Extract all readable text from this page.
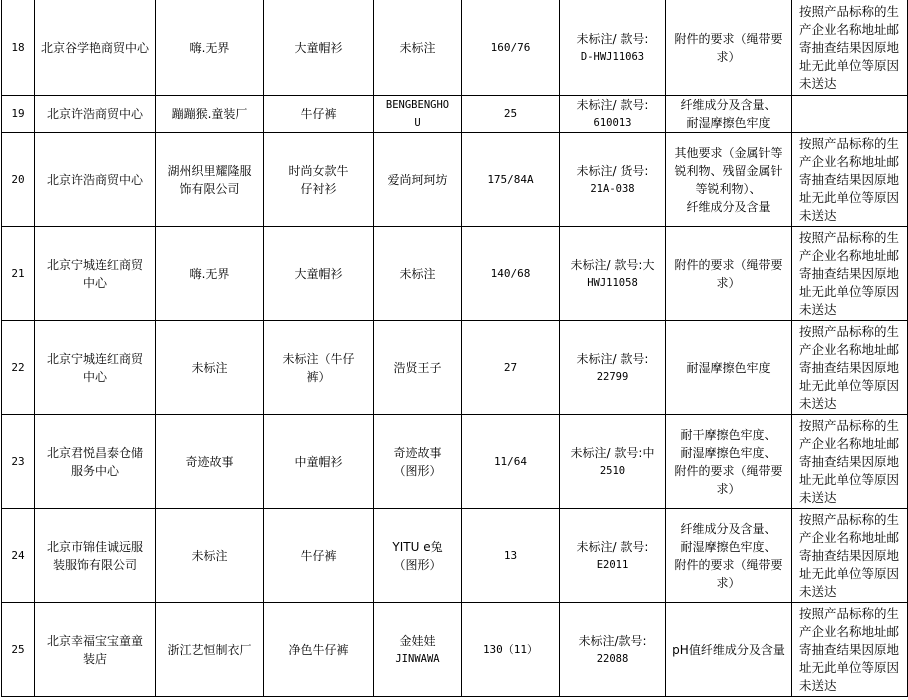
18	北京谷学艳商贸中心	嗨.无界	大童帽衫	未标注	160/76	未标注/ 款号:
D-HWJ11063	附件的要求（绳带要
求）	按照产品标称的生
产企业名称地址邮
寄抽查结果因原地
址无此单位等原因
未送达

19	北京许浩商贸中心	蹦蹦猴.童装厂	牛仔裤	BENGBENGHO
U	25	未标注/ 款号:
610013	纤维成分及含量、
耐湿摩擦色牢度	

20	北京许浩商贸中心	湖州织里耀隆服
饰有限公司	时尚女款牛
仔衬衫	爱尚珂珂坊	175/84A	未标注/ 货号:
21A-038	其他要求（金属针等
锐利物、残留金属针
等锐利物）、
纤维成分及含量	按照产品标称的生
产企业名称地址邮
寄抽查结果因原地
址无此单位等原因
未送达

21	北京宁城连红商贸
中心	嗨.无界	大童帽衫	未标注	140/68	未标注/ 款号:大
HWJ11058	附件的要求（绳带要
求）	按照产品标称的生
产企业名称地址邮
寄抽查结果因原地
址无此单位等原因
未送达

22	北京宁城连红商贸
中心	未标注	未标注（牛仔
裤）	浩贤王子	27	未标注/ 款号:
22799	耐湿摩擦色牢度	按照产品标称的生
产企业名称地址邮
寄抽查结果因原地
址无此单位等原因
未送达

23	北京君悦昌泰仓储
服务中心	奇迹故事	中童帽衫	奇迹故事
（图形）	11/64	未标注/ 款号:中
2510	耐干摩擦色牢度、
耐湿摩擦色牢度、
附件的要求（绳带要
求）	按照产品标称的生
产企业名称地址邮
寄抽查结果因原地
址无此单位等原因
未送达

24	北京市锦佳诚远服
装服饰有限公司	未标注	牛仔裤	YITU e兔
（图形）	13	未标注/ 款号:
E2011	纤维成分及含量、
耐湿摩擦色牢度、
附件的要求（绳带要
求）	按照产品标称的生
产企业名称地址邮
寄抽查结果因原地
址无此单位等原因
未送达

25	北京幸福宝宝童童
装店	浙江艺恒制衣厂	净色牛仔裤	金娃娃
JINWAWA	130（11）	未标注/款号:
22088	pH值纤维成分及含量	按照产品标称的生
产企业名称地址邮
寄抽查结果因原地
址无此单位等原因
未送达
